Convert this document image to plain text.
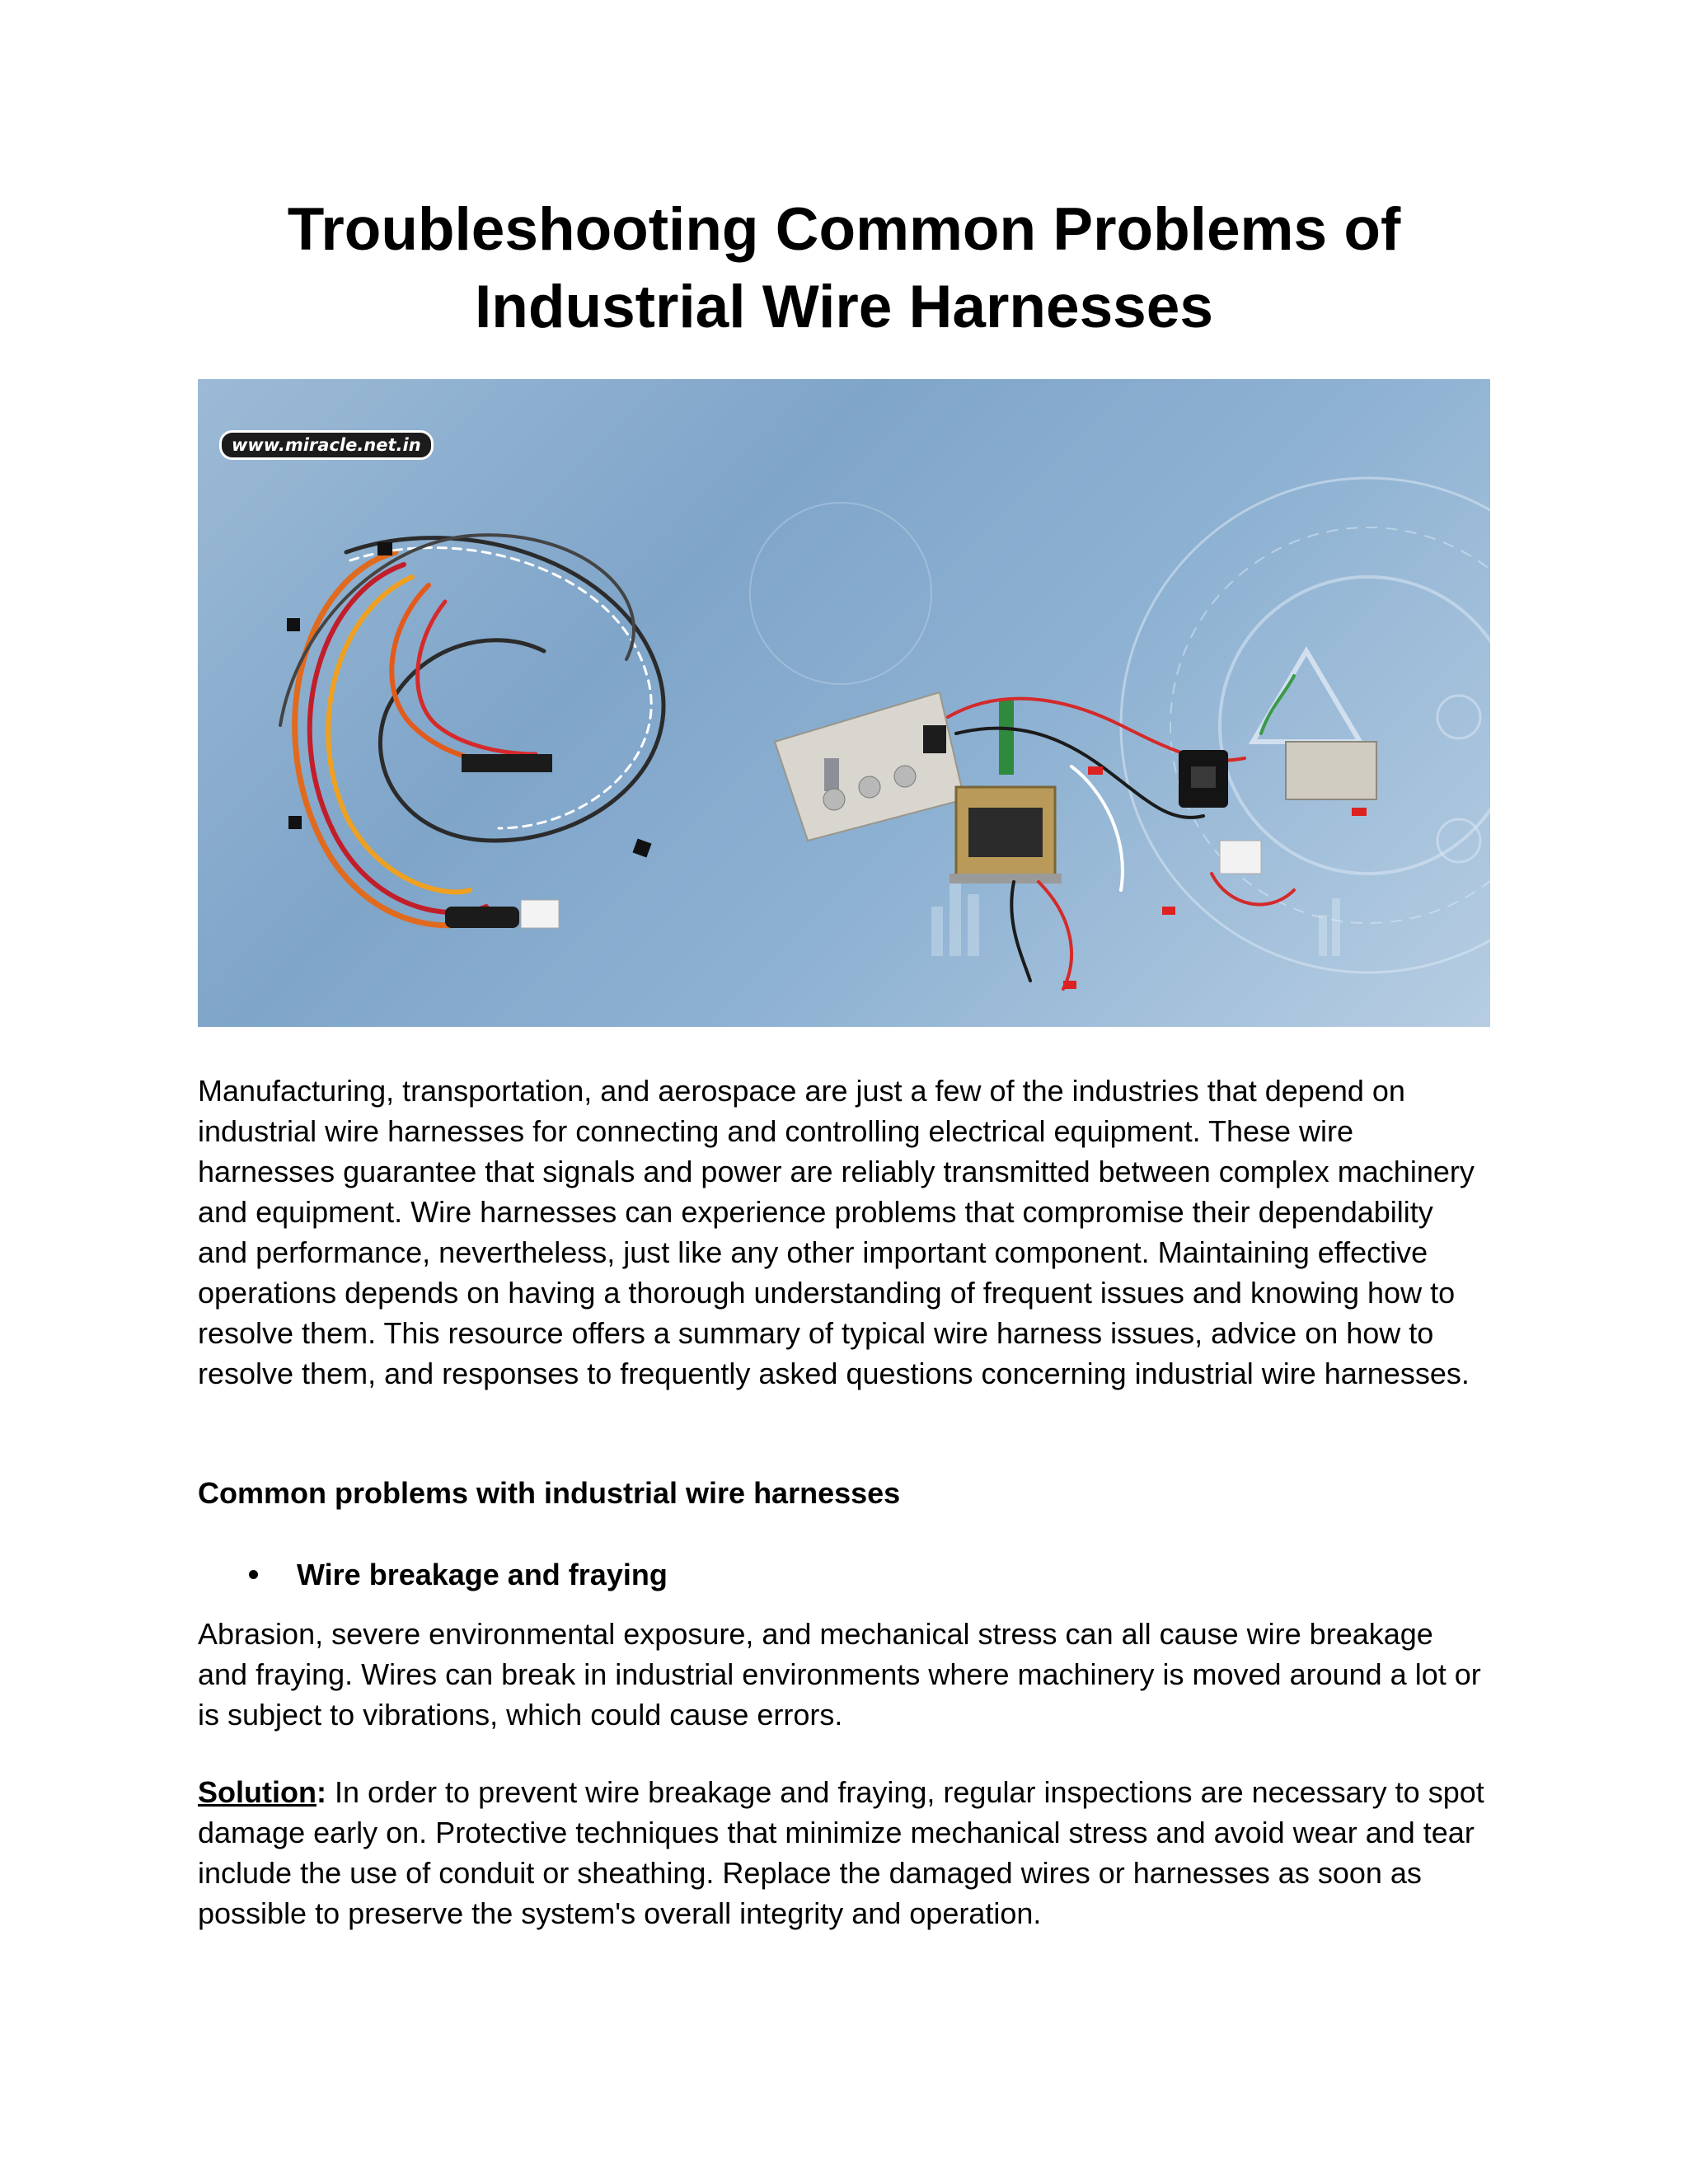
Troubleshooting Common Problems of
Industrial Wire Harnesses
www.miracle.net.in

Manufacturing, transportation, and aerospace are just a few of the industries that depend on industrial wire harnesses for connecting and controlling electrical equipment. These wire harnesses guarantee that signals and power are reliably transmitted between complex machinery and equipment. Wire harnesses can experience problems that compromise their dependability and performance, nevertheless, just like any other important component. Maintaining effective operations depends on having a thorough understanding of frequent issues and knowing how to resolve them. This resource offers a summary of typical wire harness issues, advice on how to resolve them, and responses to frequently asked questions concerning industrial wire harnesses.

Common problems with industrial wire harnesses
Wire breakage and fraying

Abrasion, severe environmental exposure, and mechanical stress can all cause wire breakage and fraying. Wires can break in industrial environments where machinery is moved around a lot or is subject to vibrations, which could cause errors.

Solution: In order to prevent wire breakage and fraying, regular inspections are necessary to spot damage early on. Protective techniques that minimize mechanical stress and avoid wear and tear include the use of conduit or sheathing. Replace the damaged wires or harnesses as soon as possible to preserve the system's overall integrity and operation.
